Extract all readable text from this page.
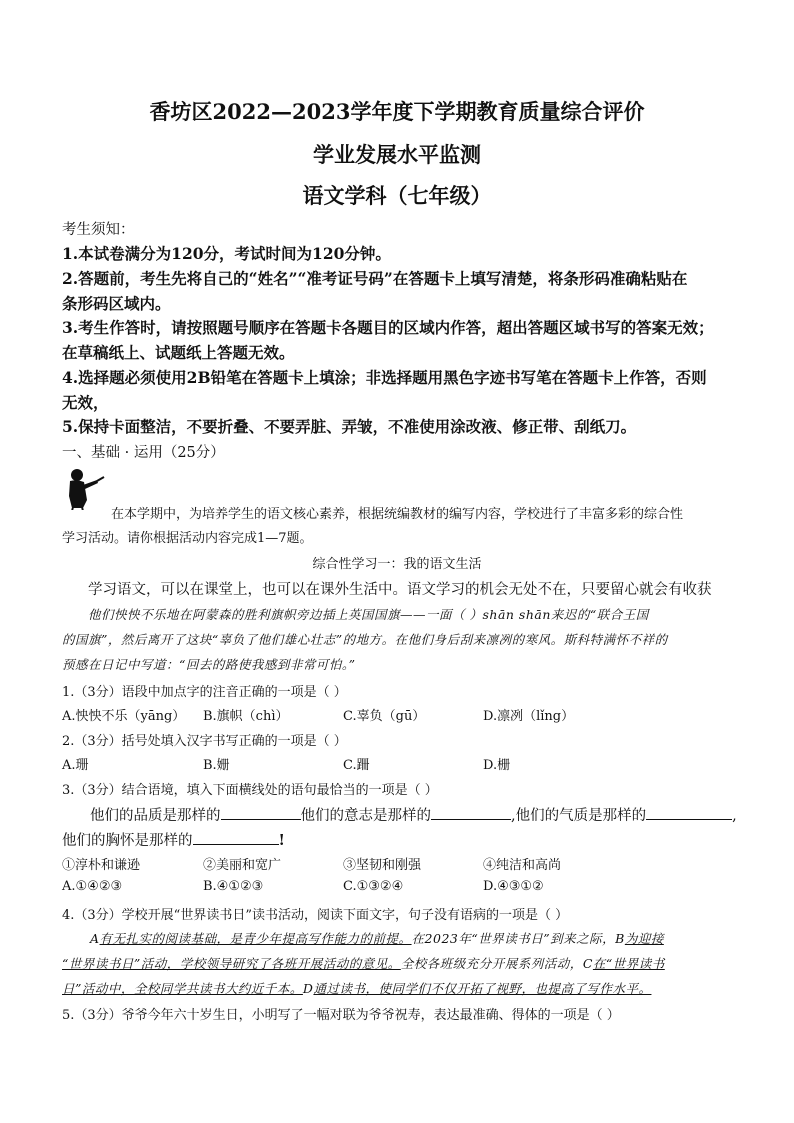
香坊区2022—2023学年度下学期教育质量综合评价
学业发展水平监测
语文学科（七年级）
考生须知：
1.本试卷满分为120分，考试时间为120分钟。
2.答题前，考生先将自己的“姓名”“准考证号码”在答题卡上填写清楚，将条形码准确粘贴在
条形码区域内。
3.考生作答时，请按照题号顺序在答题卡各题目的区域内作答，超出答题区域书写的答案无效；
在草稿纸上、试题纸上答题无效。
4.选择题必须使用2B铅笔在答题卡上填涂；非选择题用黑色字迹书写笔在答题卡上作答，否则
无效，
5.保持卡面整洁，不要折叠、不要弄脏、弄皱，不准使用涂改液、修正带、刮纸刀。
一、基础 · 运用（25分）
在本学期中，为培养学生的语文核心素养，根据统编教材的编写内容，学校进行了丰富多彩的综合性
学习活动。请你根据活动内容完成1—7题。
综合性学习一：我的语文生活
学习语文，可以在课堂上，也可以在课外生活中。语文学习的机会无处不在，只要留心就会有收获
他们怏怏不乐地在阿蒙森的胜利旗帜旁边插上英国国旗——一面（ ）shān shān来迟的“联合王国
的国旗”，然后离开了这块“辜负了他们雄心壮志”的地方。在他们身后刮来凛冽的寒风。斯科特满怀不祥的
预感在日记中写道：“回去的路使我感到非常可怕。”
1.（3分）语段中加点字的注音正确的一项是（ ）
A.怏怏不乐（yāng） B.旗帜（chì）	C.辜负（gū）	D.凛冽（lǐng）
2.（3分）括号处填入汉字书写正确的一项是（ ）
A.珊	B.姗	C.跚	D.栅
3.（3分）结合语境，填入下面横线处的语句最恰当的一项是（ ）
他们的品质是那样的	他们的意志是那样的	,他们的气质是那样的	,
他们的胸怀是那样的	!
①淳朴和谦逊	②美丽和宽广	③坚韧和刚强	④纯洁和高尚
A.①④②③	B.④①②③	C.①③②④	D.④③①②
4.（3分）学校开展“世界读书日”读书活动，阅读下面文字，句子没有语病的一项是（ ）
A有无扎实的阅读基础，是青少年提高写作能力的前提。在2023年“世界读书日”到来之际，B为迎接
“世界读书日”活动，学校领导研究了各班开展活动的意见。全校各班级充分开展系列活动，C在“世界读书
日”活动中，全校同学共读书大约近千本。D通过读书，使同学们不仅开拓了视野，也提高了写作水平。
5.（3分）爷爷今年六十岁生日，小明写了一幅对联为爷爷祝寿，表达最准确、得体的一项是（ ）
